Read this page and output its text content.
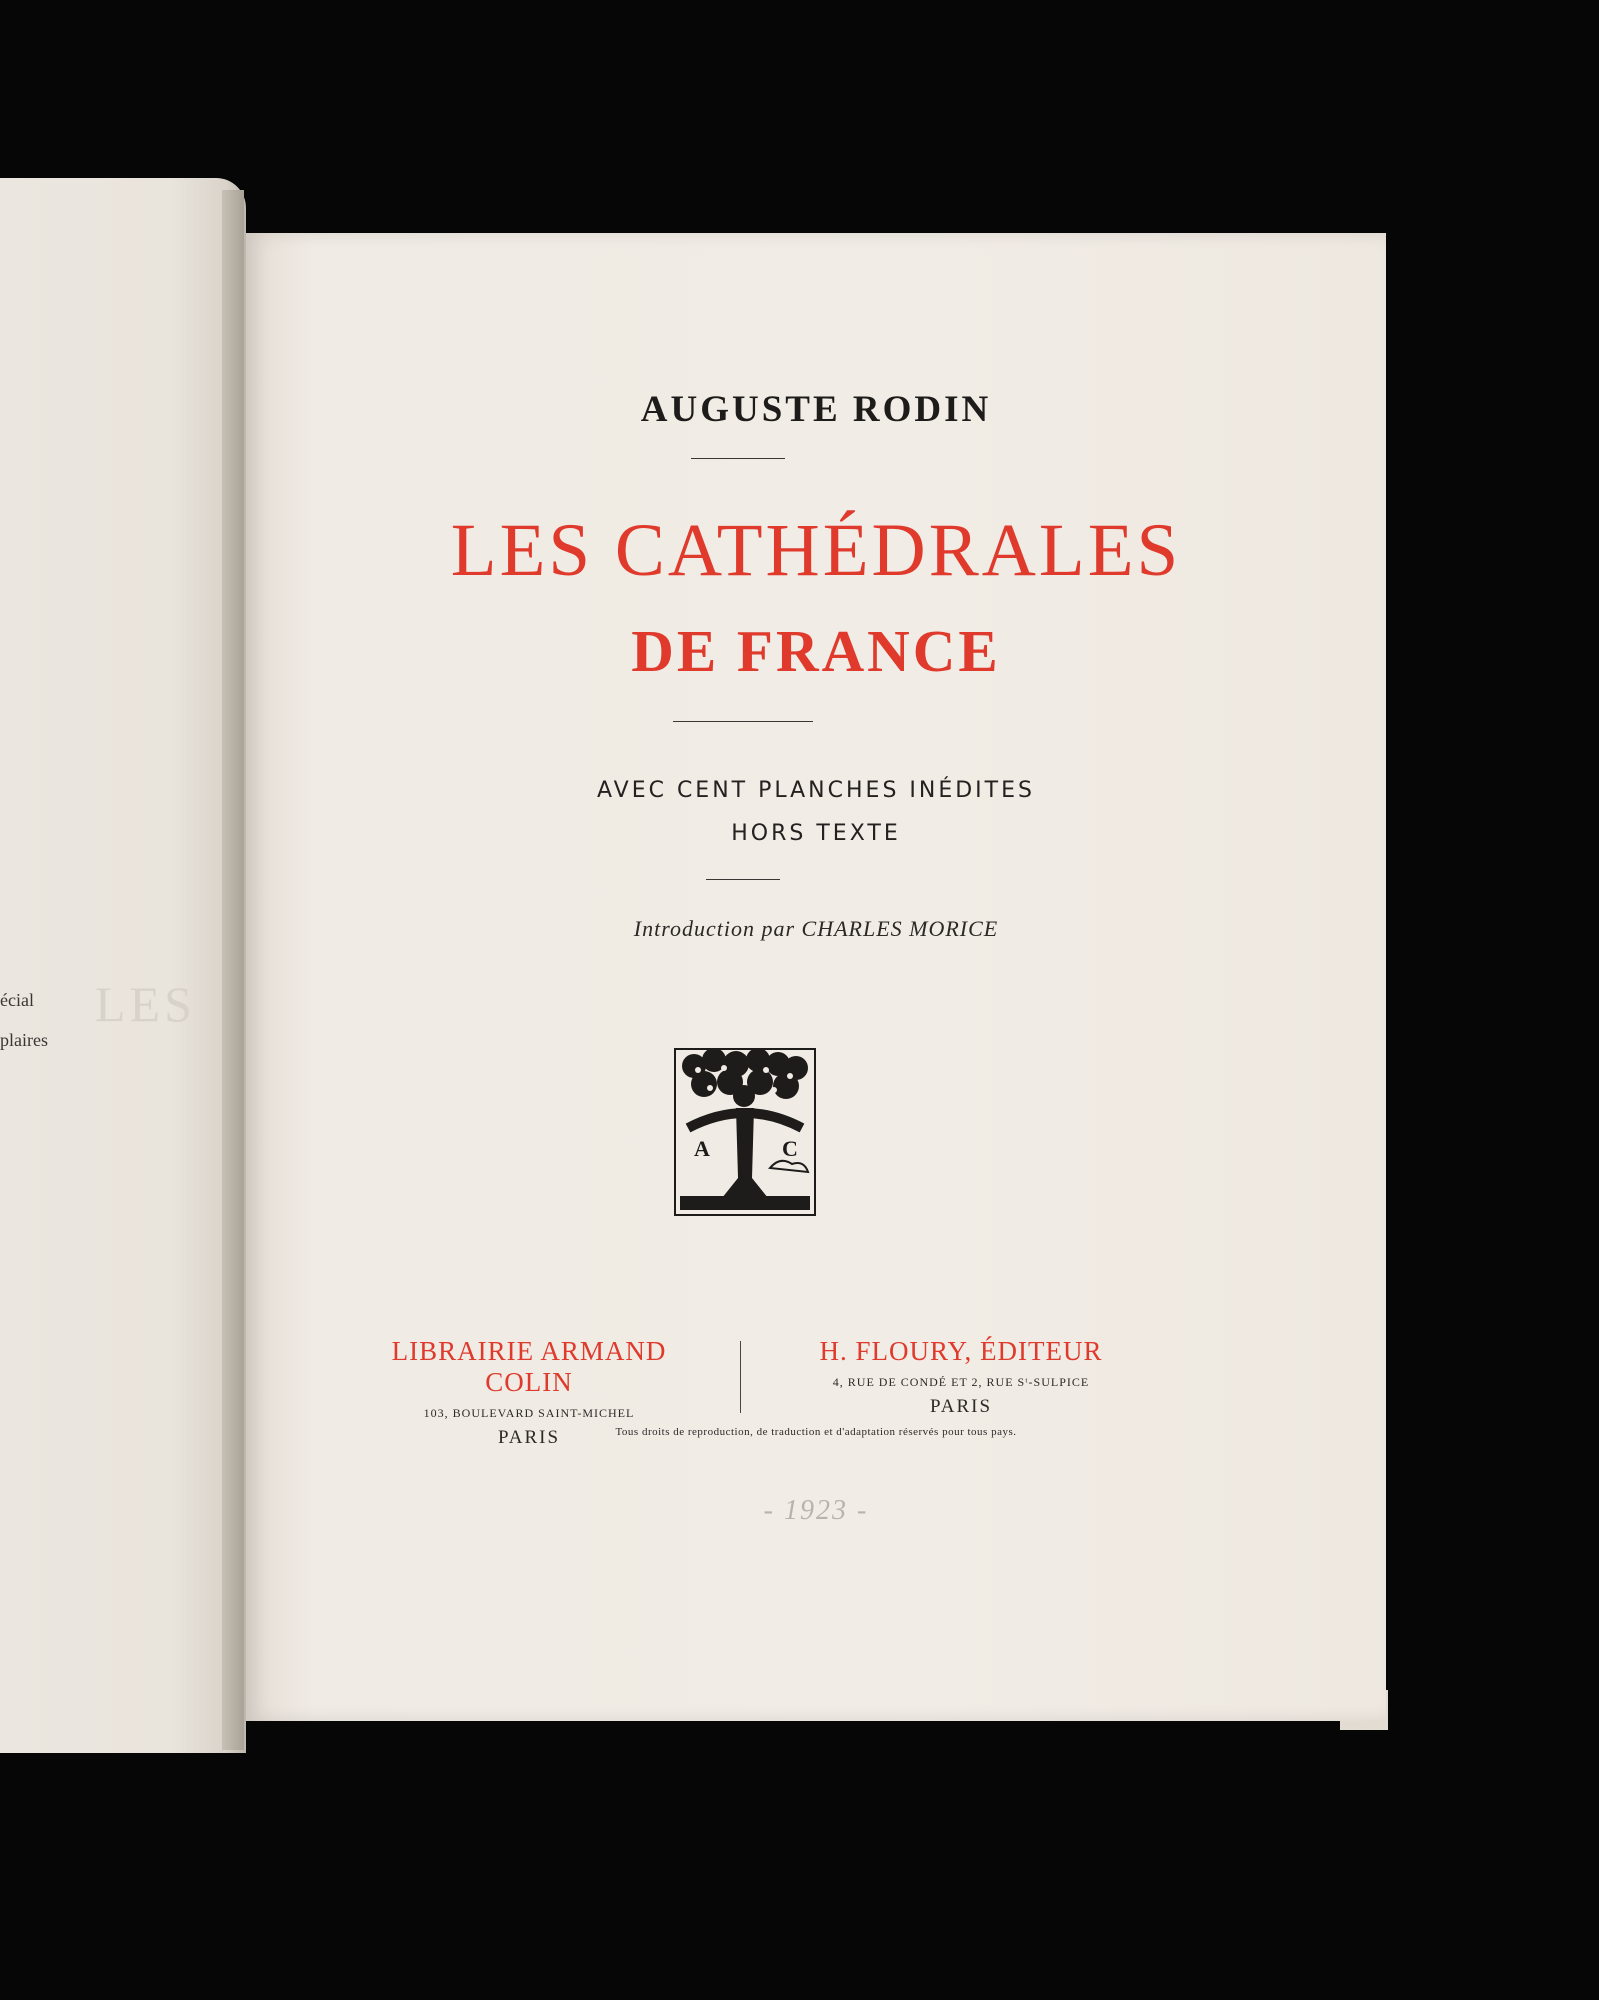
LES
écial
plaires
AUGUSTE RODIN
LES CATHÉDRALES
DE FRANCE
AVEC CENT PLANCHES INÉDITES
HORS TEXTE
Introduction par CHARLES MORICE
A	C
LIBRAIRIE ARMAND COLIN
103, BOULEVARD SAINT-MICHEL
PARIS
H. FLOURY, ÉDITEUR
4, RUE DE CONDÉ ET 2, RUE Sᵗ-SULPICE
PARIS
Tous droits de reproduction, de traduction et d'adaptation réservés pour tous pays.
- 1923 -
